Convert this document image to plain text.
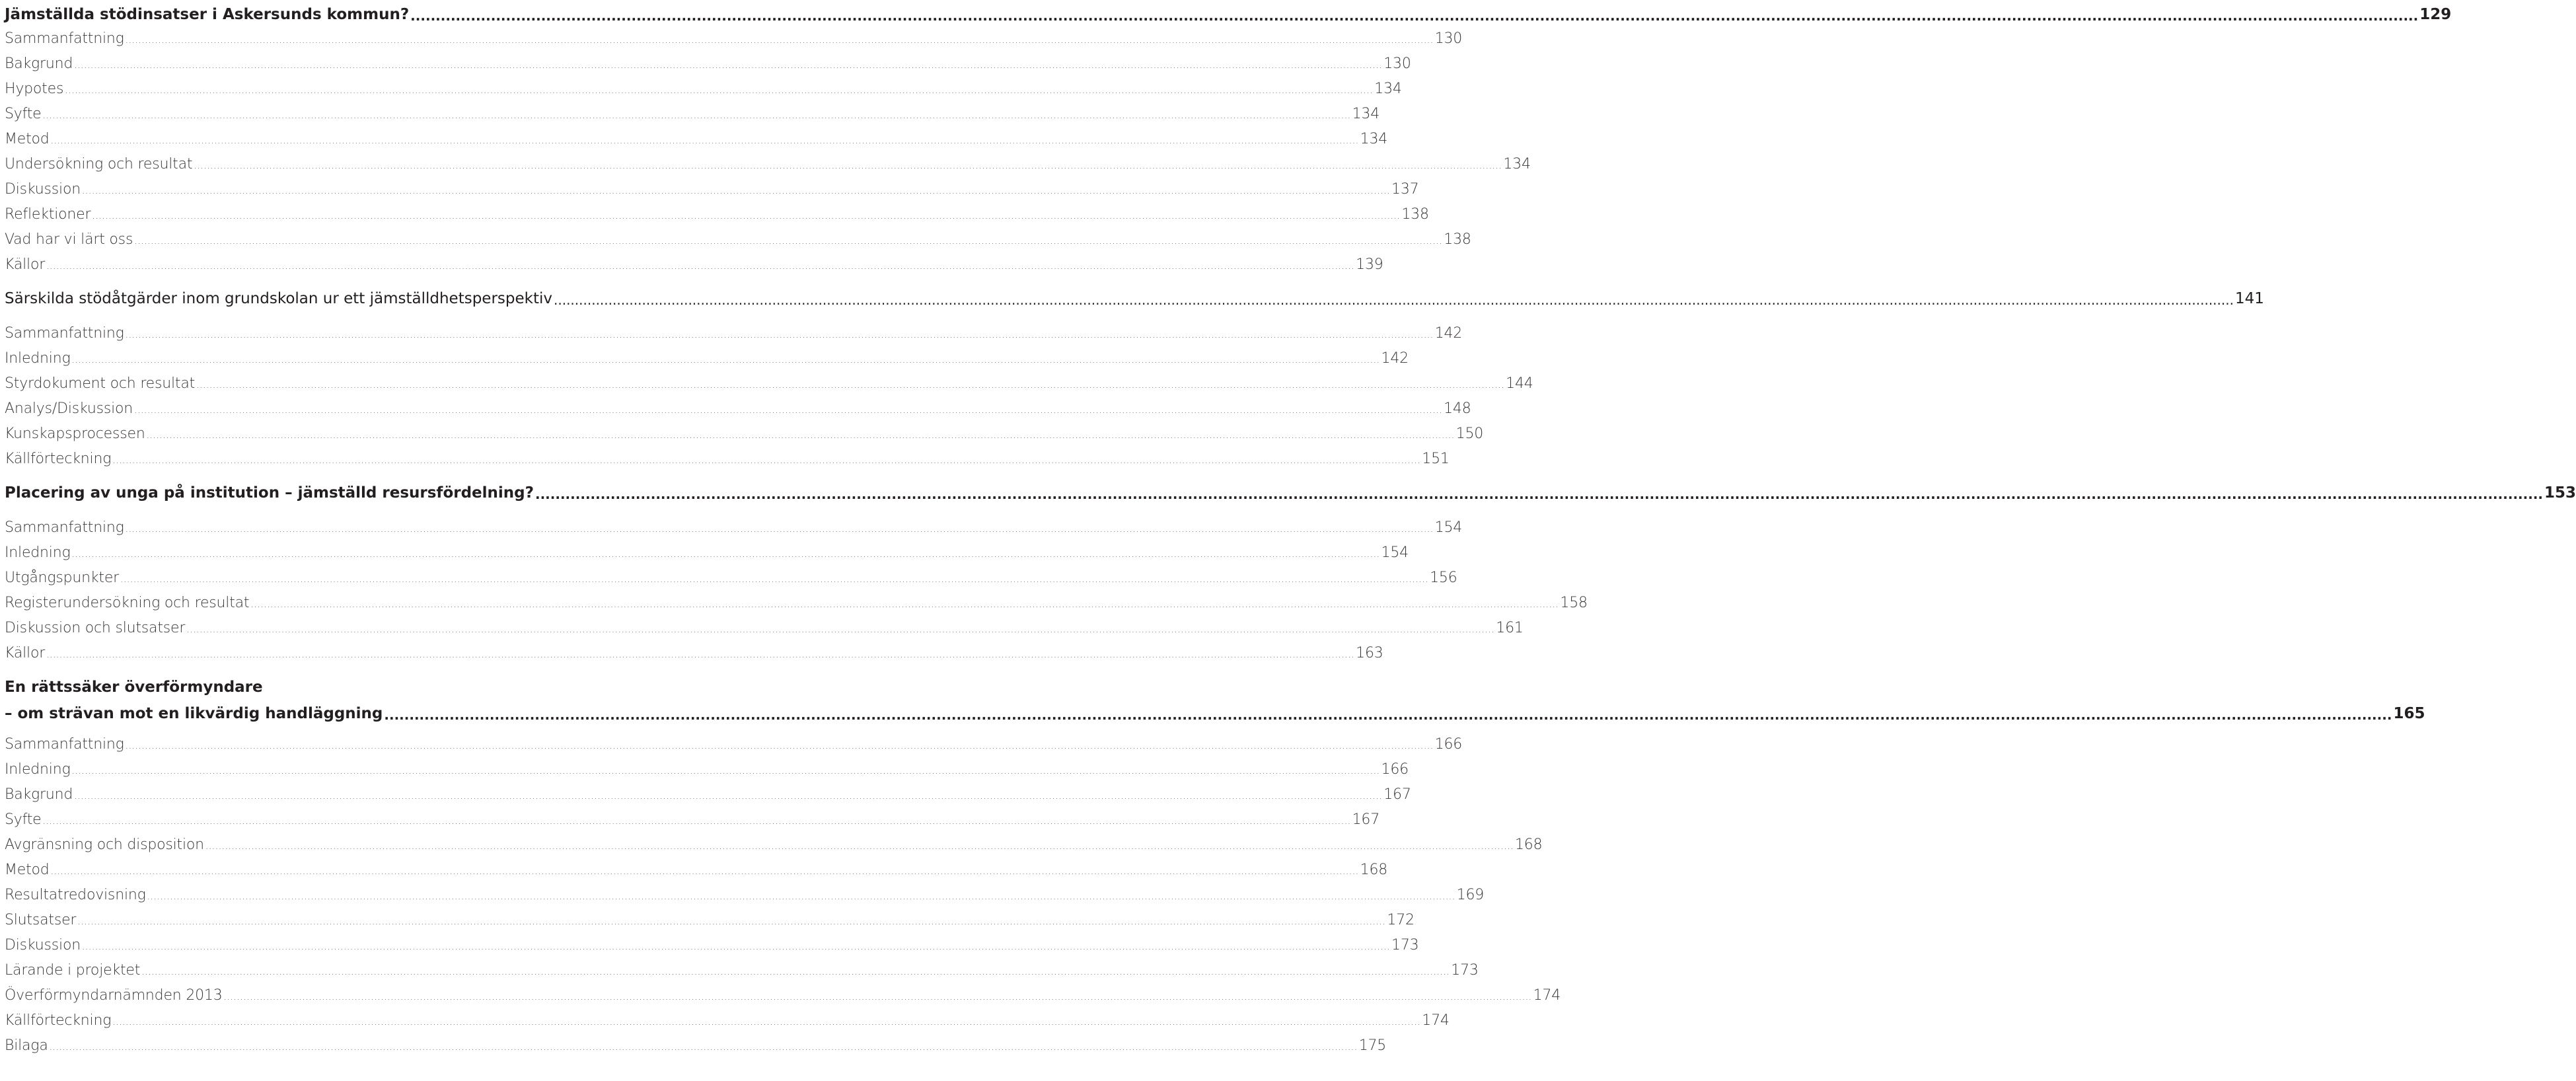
Jämställda stödinsatser i Askersunds kommun? ................................................................................................................................................................................................................................................................................................................................................................................................................ 129
Sammanfattning ................................................................................................................................................................................................................................................................................................................................................................................................................ 130
Bakgrund ................................................................................................................................................................................................................................................................................................................................................................................................................ 130
Hypotes ................................................................................................................................................................................................................................................................................................................................................................................................................ 134
Syfte ................................................................................................................................................................................................................................................................................................................................................................................................................ 134
Metod ................................................................................................................................................................................................................................................................................................................................................................................................................ 134
Undersökning och resultat ................................................................................................................................................................................................................................................................................................................................................................................................................ 134
Diskussion ................................................................................................................................................................................................................................................................................................................................................................................................................ 137
Reflektioner ................................................................................................................................................................................................................................................................................................................................................................................................................ 138
Vad har vi lärt oss ................................................................................................................................................................................................................................................................................................................................................................................................................ 138
Källor ................................................................................................................................................................................................................................................................................................................................................................................................................ 139
Särskilda stödåtgärder inom grundskolan ur ett jämställdhetsperspektiv ................................................................................................................................................................................................................................................................................................................................................................................................................ 141
Sammanfattning ................................................................................................................................................................................................................................................................................................................................................................................................................ 142
Inledning ................................................................................................................................................................................................................................................................................................................................................................................................................ 142
Styrdokument och resultat ................................................................................................................................................................................................................................................................................................................................................................................................................ 144
Analys/Diskussion ................................................................................................................................................................................................................................................................................................................................................................................................................ 148
Kunskapsprocessen ................................................................................................................................................................................................................................................................................................................................................................................................................ 150
Källförteckning ................................................................................................................................................................................................................................................................................................................................................................................................................ 151
Placering av unga på institution – jämställd resursfördelning? ................................................................................................................................................................................................................................................................................................................................................................................................................ 153
Sammanfattning ................................................................................................................................................................................................................................................................................................................................................................................................................ 154
Inledning ................................................................................................................................................................................................................................................................................................................................................................................................................ 154
Utgångspunkter ................................................................................................................................................................................................................................................................................................................................................................................................................ 156
Registerundersökning och resultat ................................................................................................................................................................................................................................................................................................................................................................................................................ 158
Diskussion och slutsatser ................................................................................................................................................................................................................................................................................................................................................................................................................ 161
Källor ................................................................................................................................................................................................................................................................................................................................................................................................................ 163
En rättssäker överförmyndare
– om strävan mot en likvärdig handläggning ................................................................................................................................................................................................................................................................................................................................................................................................................ 165
Sammanfattning ................................................................................................................................................................................................................................................................................................................................................................................................................ 166
Inledning ................................................................................................................................................................................................................................................................................................................................................................................................................ 166
Bakgrund ................................................................................................................................................................................................................................................................................................................................................................................................................ 167
Syfte ................................................................................................................................................................................................................................................................................................................................................................................................................ 167
Avgränsning och disposition ................................................................................................................................................................................................................................................................................................................................................................................................................ 168
Metod ................................................................................................................................................................................................................................................................................................................................................................................................................ 168
Resultatredovisning ................................................................................................................................................................................................................................................................................................................................................................................................................ 169
Slutsatser ................................................................................................................................................................................................................................................................................................................................................................................................................ 172
Diskussion ................................................................................................................................................................................................................................................................................................................................................................................................................ 173
Lärande i projektet ................................................................................................................................................................................................................................................................................................................................................................................................................ 173
Överförmyndarnämnden 2013 ................................................................................................................................................................................................................................................................................................................................................................................................................ 174
Källförteckning ................................................................................................................................................................................................................................................................................................................................................................................................................ 174
Bilaga ................................................................................................................................................................................................................................................................................................................................................................................................................ 175
